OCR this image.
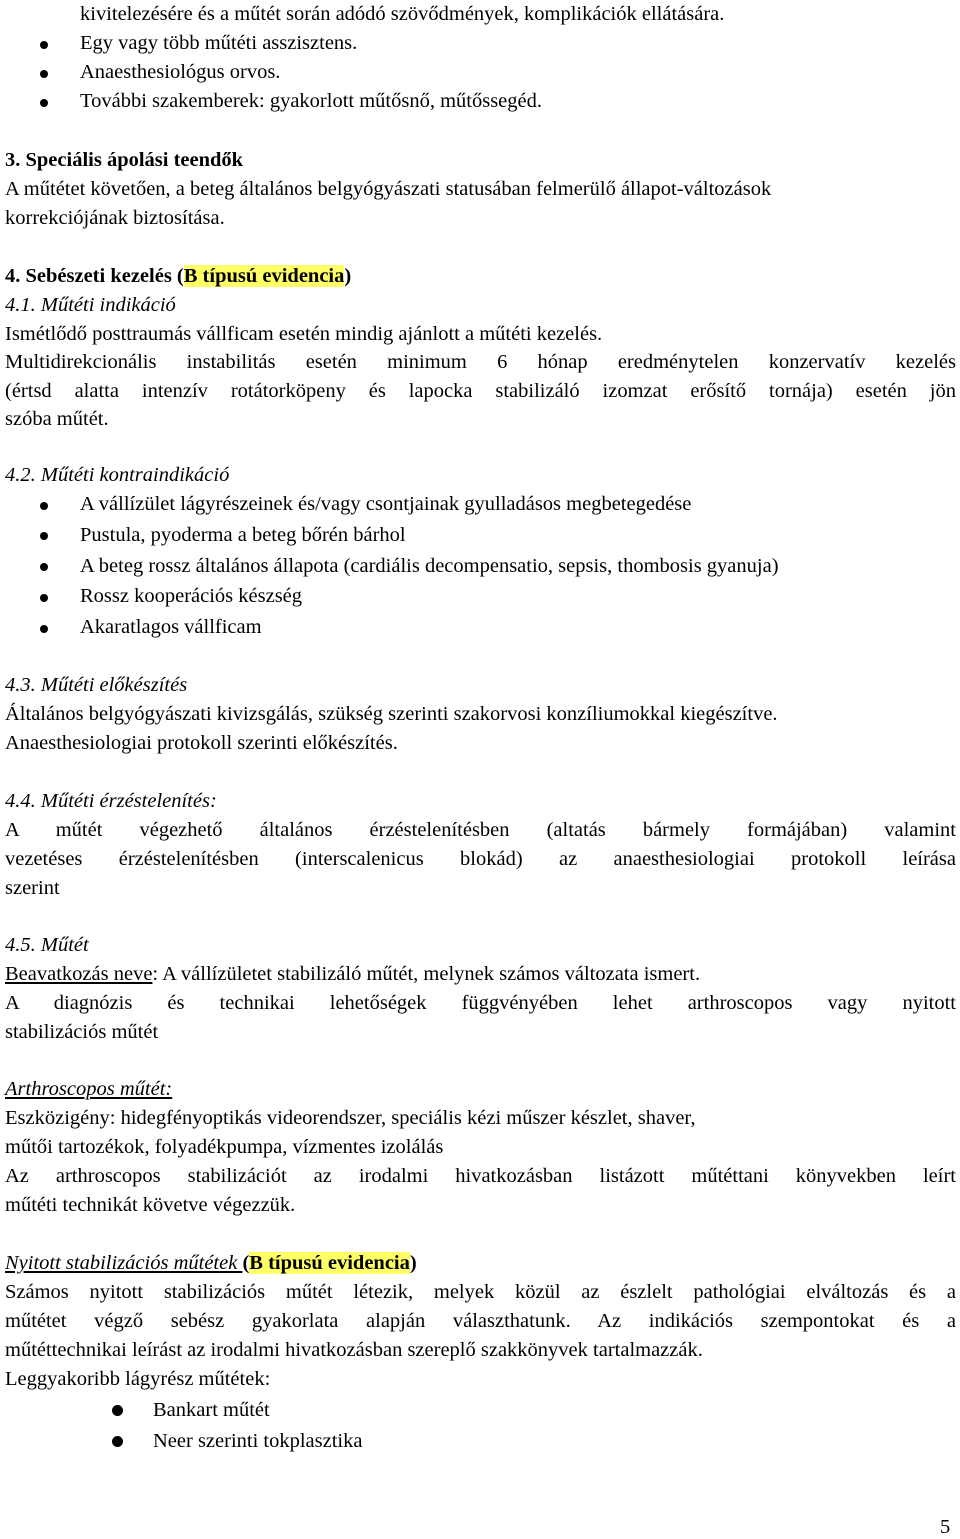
kivitelezésére és a műtét során adódó szövődmények, komplikációk ellátására.
Egy vagy több műtéti asszisztens.
Anaesthesiológus orvos.
További szakemberek: gyakorlott műtősnő, műtőssegéd.
3. Speciális ápolási teendők
A műtétet követően, a beteg általános belgyógyászati statusában felmerülő állapot-változások
korrekciójának biztosítása.
4. Sebészeti kezelés (B típusú evidencia)
4.1. Műtéti indikáció
Ismétlődő posttraumás vállficam esetén mindig ajánlott a műtéti kezelés.
Multidirekcionális instabilitás esetén minimum 6 hónap eredménytelen konzervatív kezelés
(értsd alatta intenzív rotátorköpeny és lapocka stabilizáló izomzat erősítő tornája) esetén jön
szóba műtét.
4.2. Műtéti kontraindikáció
A vállízület lágyrészeinek és/vagy csontjainak gyulladásos megbetegedése
Pustula, pyoderma a beteg bőrén bárhol
A beteg rossz általános állapota (cardiális decompensatio, sepsis, thombosis gyanuja)
Rossz kooperációs készség
Akaratlagos vállficam
4.3. Műtéti előkészítés
Általános belgyógyászati kivizsgálás, szükség szerinti szakorvosi konzíliumokkal kiegészítve.
Anaesthesiologiai protokoll szerinti előkészítés.
4.4. Műtéti érzéstelenítés:
A műtét végezhető általános érzéstelenítésben (altatás bármely formájában) valamint
vezetéses érzéstelenítésben (interscalenicus blokád) az anaesthesiologiai protokoll leírása
szerint
4.5. Műtét
Beavatkozás neve: A vállízületet stabilizáló műtét, melynek számos változata ismert.
A diagnózis és technikai lehetőségek függvényében lehet arthroscopos vagy nyitott
stabilizációs műtét
Arthroscopos műtét:
Eszközigény: hidegfényoptikás videorendszer, speciális kézi műszer készlet, shaver,
műtői tartozékok, folyadékpumpa, vízmentes izolálás
Az arthroscopos stabilizációt az irodalmi hivatkozásban listázott műtéttani könyvekben leírt
műtéti technikát követve végezzük.
Nyitott stabilizációs műtétek (B típusú evidencia)
Számos nyitott stabilizációs műtét létezik, melyek közül az észlelt pathológiai elváltozás és a
műtétet végző sebész gyakorlata alapján választhatunk. Az indikációs szempontokat és a
műtéttechnikai leírást az irodalmi hivatkozásban szereplő szakkönyvek tartalmazzák.
Leggyakoribb lágyrész műtétek:
Bankart műtét
Neer szerinti tokplasztika
5
